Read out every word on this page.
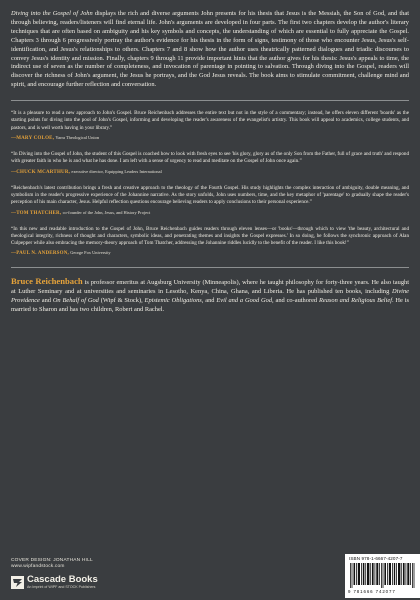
Diving into the Gospel of John displays the rich and diverse arguments John presents for his thesis that Jesus is the Messiah, the Son of God, and that through believing, readers/listeners will find eternal life. John's arguments are developed in four parts. The first two chapters develop the author's literary techniques that are often based on ambiguity and his key symbols and concepts, the understanding of which are essential to fully appreciate the Gospel. Chapters 3 through 6 progressively portray the author's evidence for his thesis in the form of signs, testimony of those who encounter Jesus, Jesus's self-identification, and Jesus's relationships to others. Chapters 7 and 8 show how the author uses theatrically patterned dialogues and triadic discourses to convey Jesus's identity and mission. Finally, chapters 9 through 11 provide important hints that the author gives for his thesis: Jesus's appeals to time, the indirect use of seven as the number of completeness, and invocation of parentage in pointing to salvation. Through diving into the Gospel, readers will discover the richness of John's argument, the Jesus he portrays, and the God Jesus reveals. The book aims to stimulate commitment, challenge mind and spirit, and encourage further reflection and conversation.

“It is a pleasure to read a new approach to John's Gospel. Bruce Reichenbach addresses the entire text but not in the style of a commentary; instead, he offers eleven different 'boards' as the starting points for diving into the pool of John's Gospel, informing and developing the reader's awareness of the evangelist's artistry. This book will appeal to academics, college students, and pastors, and is well worth having in your library.”

—MARY COLOE, Yarra Theological Union

“In Diving into the Gospel of John, the student of this Gospel is coached how to look with fresh eyes to see 'his glory, glory as of the only Son from the Father, full of grace and truth' and respond with greater faith in who he is and what he has done. I am left with a sense of urgency to read and meditate on the Gospel of John once again.”

—CHUCK MCARTHUR, executive director, Equipping Leaders International

“Reichenbach's latest contribution brings a fresh and creative approach to the theology of the Fourth Gospel. His study highlights the complex interaction of ambiguity, double meaning, and symbolism in the reader's progressive experience of the Johannine narrative. As the story unfolds, John uses numbers, time, and the key metaphor of 'parentage' to gradually shape the reader's perception of his main character, Jesus. Helpful reflection questions encourage believing readers to apply conclusions to their personal experience.”

—TOM THATCHER, co-founder of the John, Jesus, and History Project

“In this new and readable introduction to the Gospel of John, Bruce Reichenbach guides readers through eleven lenses—or 'books'—through which to view 'the beauty, architectural and theological integrity, richness of thought and characters, symbolic ideas, and penetrating themes and insights the Gospel expresses.' In so doing, he follows the synchronic approach of Alan Culpepper while also embracing the memory-theory approach of Tom Thatcher, addressing the Johannine riddles lucidly to the benefit of the reader. I like this book!”

—PAUL N. ANDERSON, George Fox University

Bruce Reichenbach is professor emeritus at Augsburg University (Minneapolis), where he taught philosophy for forty-three years. He also taught at Luther Seminary and at universities and seminaries in Lesotho, Kenya, China, Ghana, and Liberia. He has published ten books, including Divine Providence and On Behalf of God (Wipf & Stock), Epistemic Obligations, and Evil and a Good God, and co-authored Reason and Religious Belief. He is married to Sharon and has two children, Robert and Rachel.

COVER DESIGN: JONATHAN HILL
www.wipfandstock.com
Cascade Books
An Imprint of WIPF and STOCK Publishers
ISBN 978-1-6667-4207-7
9 781666 742077
